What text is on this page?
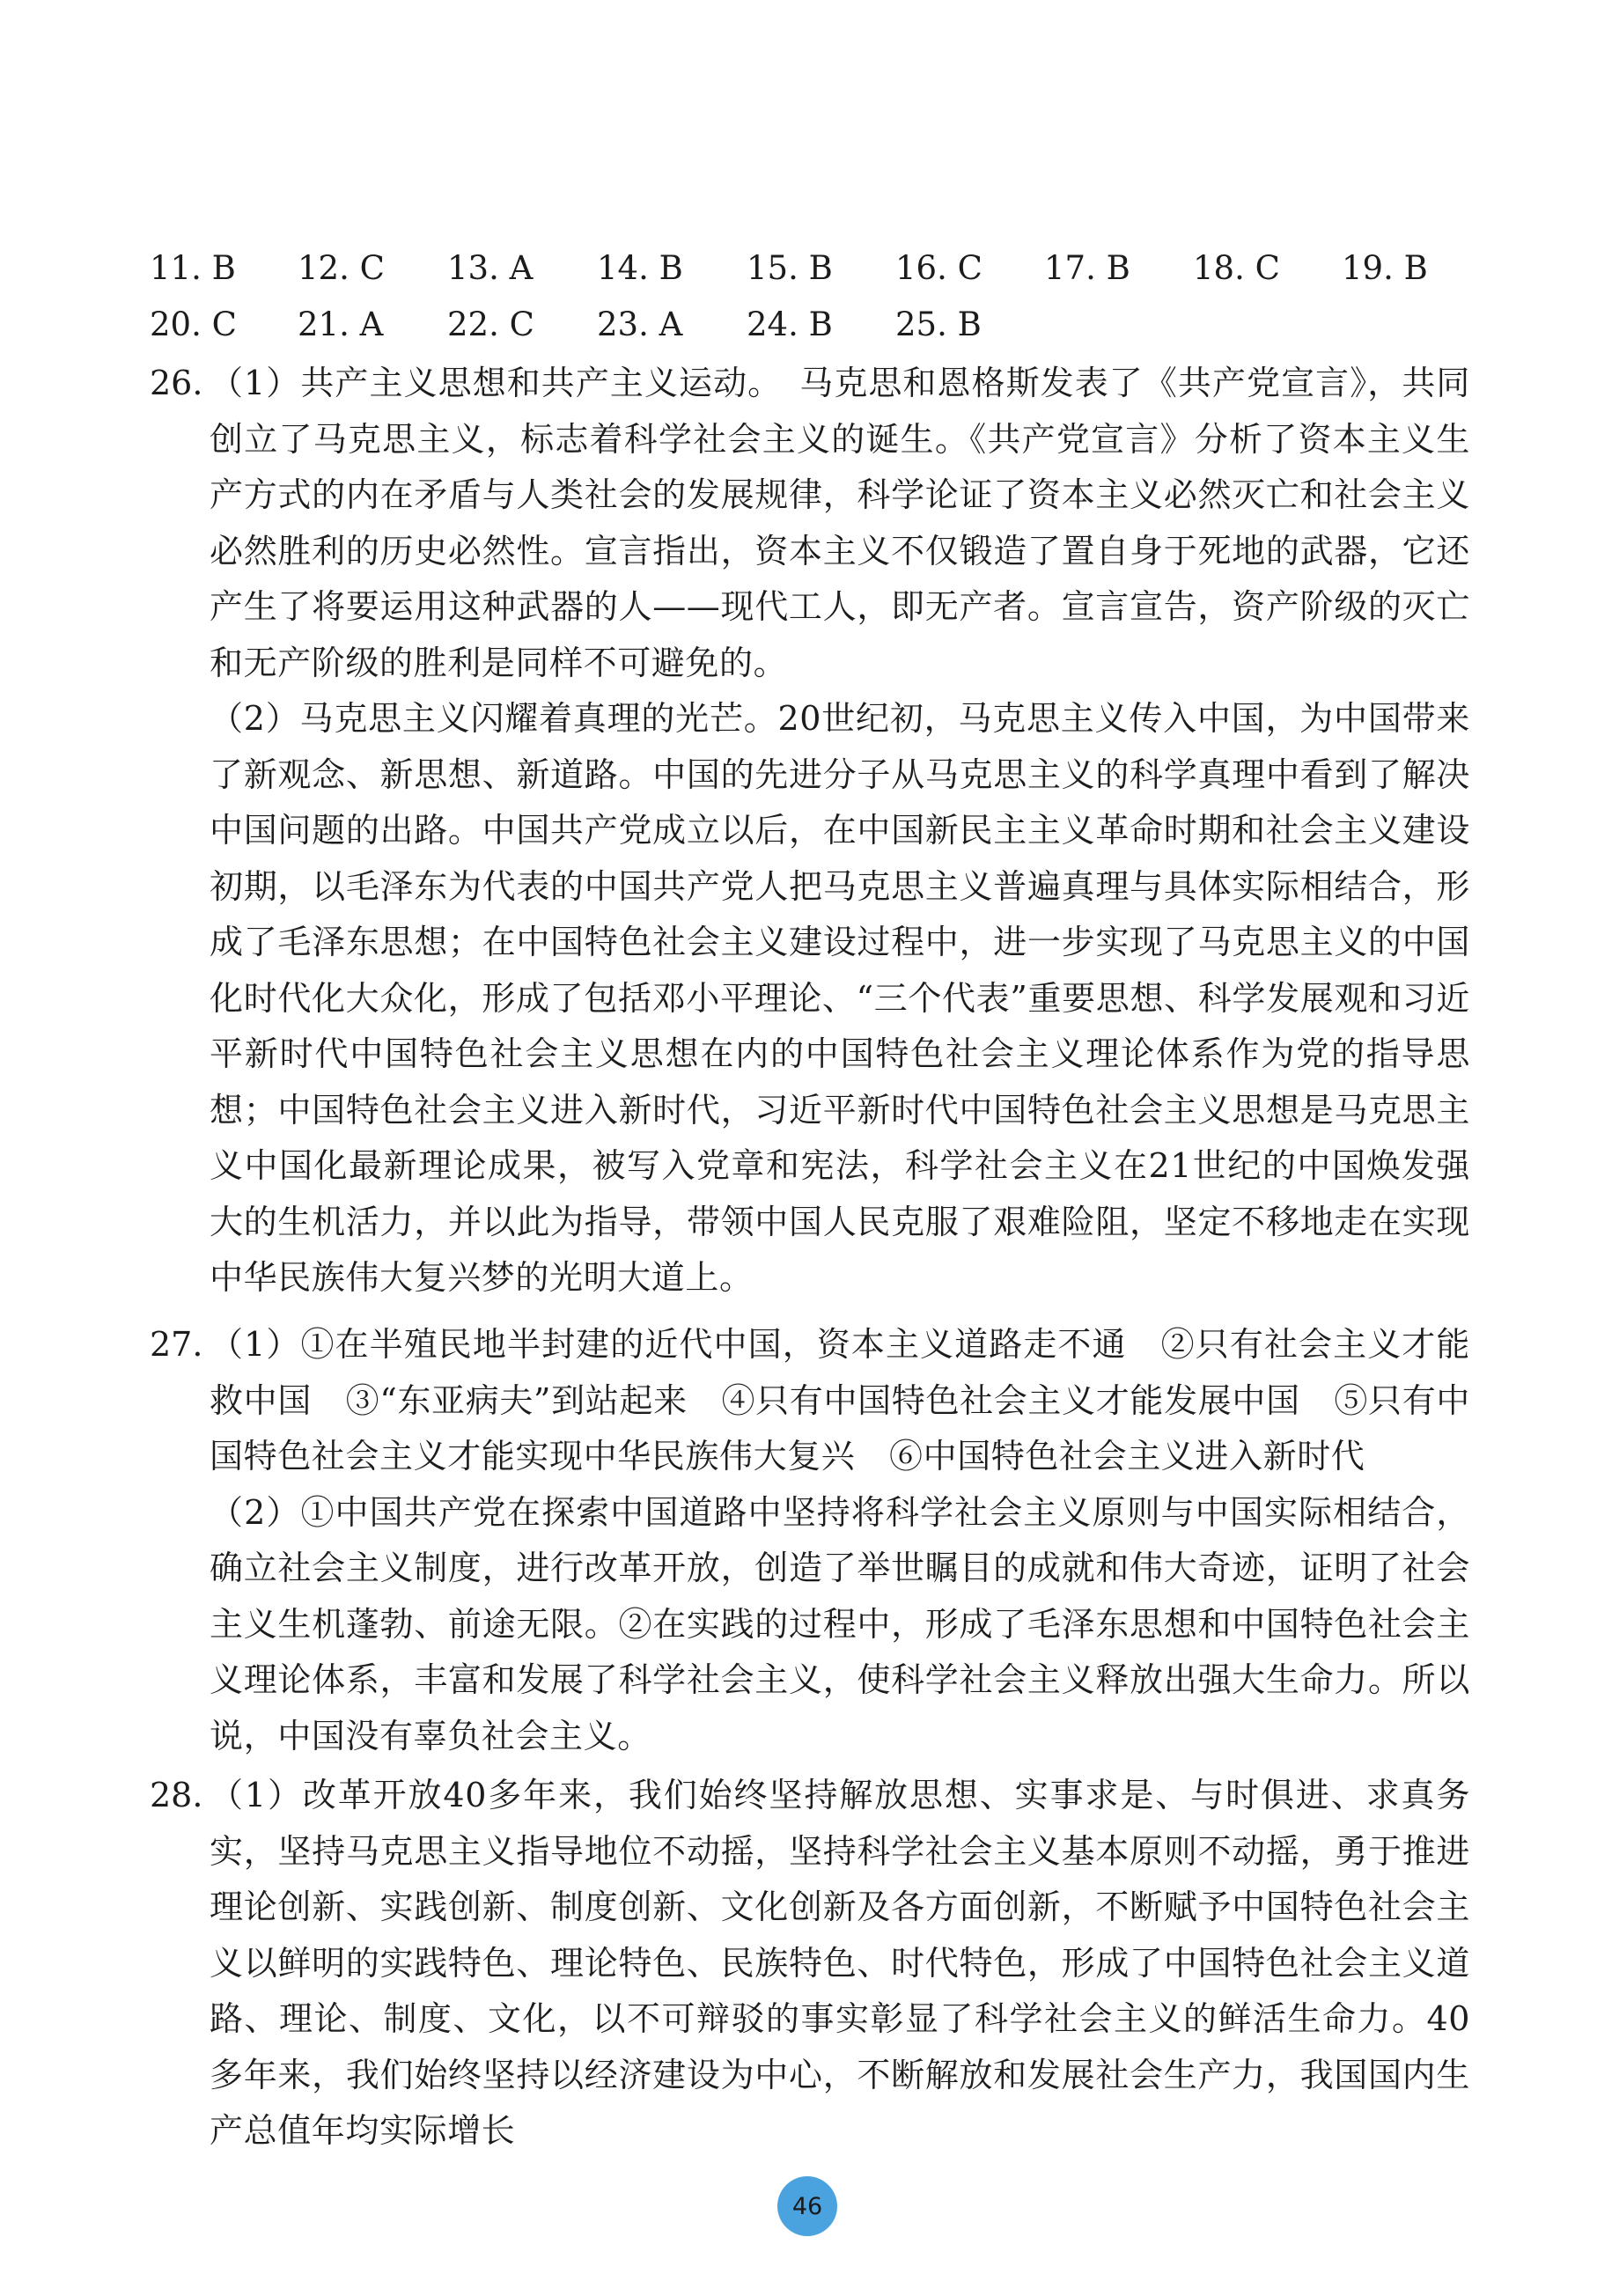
11. B 12. C 13. A 14. B 15. B 16. C 17. B 18. C 19. B
20. C 21. A 22. C 23. A 24. B 25. B
26. （1）共产主义思想和共产主义运动。　马克思和恩格斯发表了《共产党宣言》，共同创立了马克思主义，标志着科学社会主义的诞生。《共产党宣言》分析了资本主义生产方式的内在矛盾与人类社会的发展规律，科学论证了资本主义必然灭亡和社会主义必然胜利的历史必然性。宣言指出，资本主义不仅锻造了置自身于死地的武器，它还产生了将要运用这种武器的人——现代工人，即无产者。宣言宣告，资产阶级的灭亡和无产阶级的胜利是同样不可避免的。

（2）马克思主义闪耀着真理的光芒。20世纪初，马克思主义传入中国，为中国带来了新观念、新思想、新道路。中国的先进分子从马克思主义的科学真理中看到了解决中国问题的出路。中国共产党成立以后，在中国新民主主义革命时期和社会主义建设初期，以毛泽东为代表的中国共产党人把马克思主义普遍真理与具体实际相结合，形成了毛泽东思想；在中国特色社会主义建设过程中，进一步实现了马克思主义的中国化时代化大众化，形成了包括邓小平理论、“三个代表”重要思想、科学发展观和习近平新时代中国特色社会主义思想在内的中国特色社会主义理论体系作为党的指导思想；中国特色社会主义进入新时代，习近平新时代中国特色社会主义思想是马克思主义中国化最新理论成果，被写入党章和宪法，科学社会主义在21世纪的中国焕发强大的生机活力，并以此为指导，带领中国人民克服了艰难险阻，坚定不移地走在实现中华民族伟大复兴梦的光明大道上。

27. （1）①在半殖民地半封建的近代中国，资本主义道路走不通　②只有社会主义才能救中国　③“东亚病夫”到站起来　④只有中国特色社会主义才能发展中国　⑤只有中国特色社会主义才能实现中华民族伟大复兴　⑥中国特色社会主义进入新时代

（2）①中国共产党在探索中国道路中坚持将科学社会主义原则与中国实际相结合，确立社会主义制度，进行改革开放，创造了举世瞩目的成就和伟大奇迹，证明了社会主义生机蓬勃、前途无限。②在实践的过程中，形成了毛泽东思想和中国特色社会主义理论体系，丰富和发展了科学社会主义，使科学社会主义释放出强大生命力。所以说，中国没有辜负社会主义。

28. （1）改革开放40多年来，我们始终坚持解放思想、实事求是、与时俱进、求真务实，坚持马克思主义指导地位不动摇，坚持科学社会主义基本原则不动摇，勇于推进理论创新、实践创新、制度创新、文化创新及各方面创新，不断赋予中国特色社会主义以鲜明的实践特色、理论特色、民族特色、时代特色，形成了中国特色社会主义道路、理论、制度、文化，以不可辩驳的事实彰显了科学社会主义的鲜活生命力。40多年来，我们始终坚持以经济建设为中心，不断解放和发展社会生产力，我国国内生产总值年均实际增长

46
